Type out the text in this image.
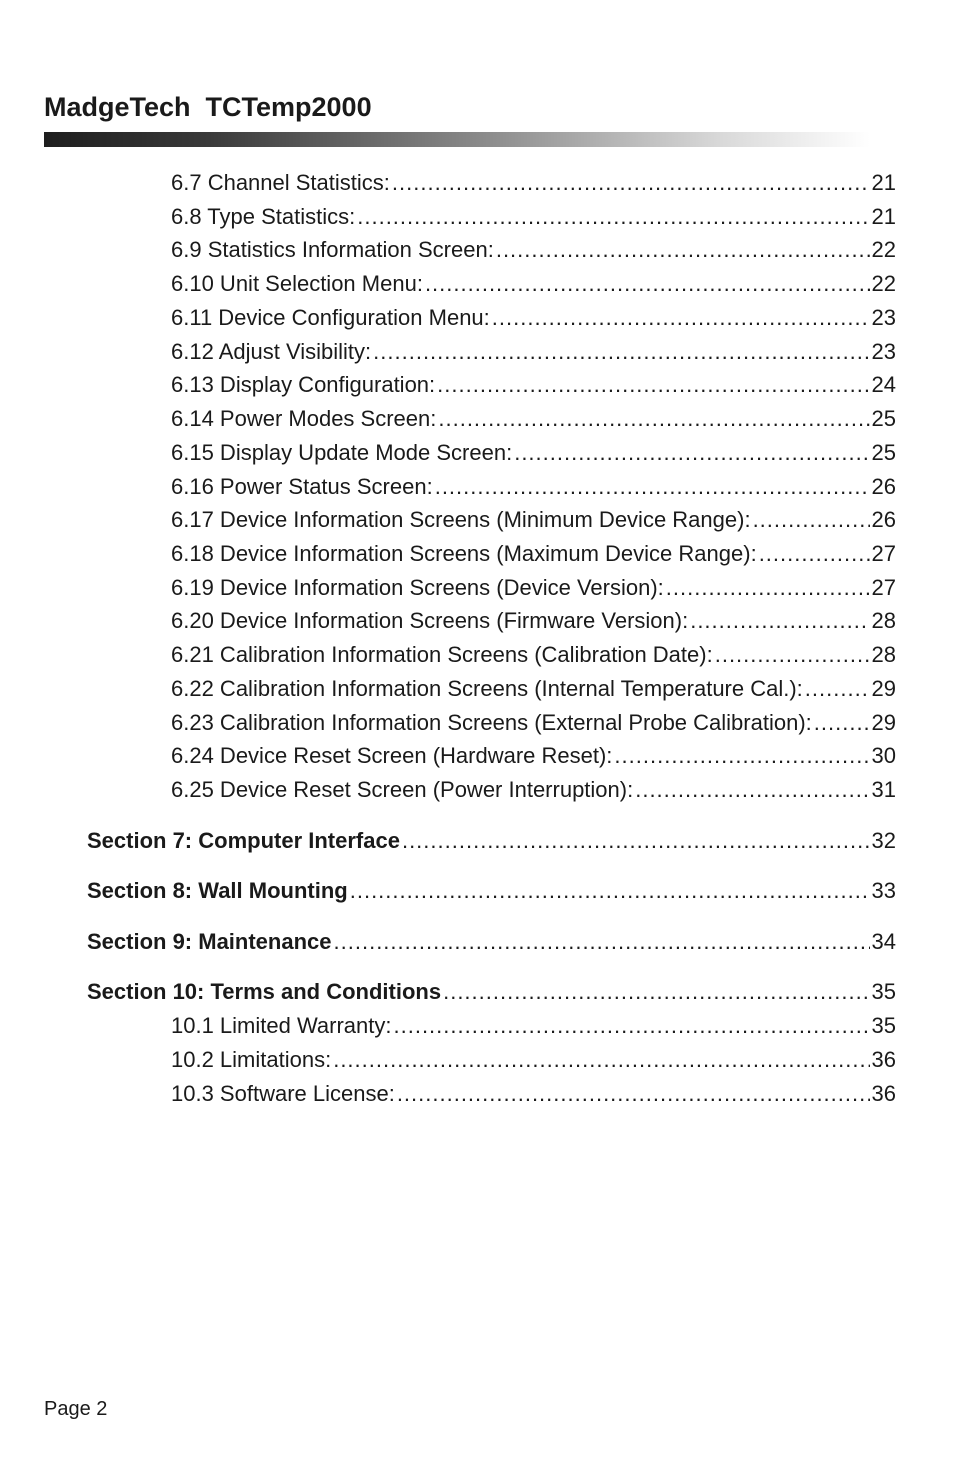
MadgeTech  TCTemp2000
6.7 Channel Statistics: .....	21
6.8 Type Statistics: .....	21
6.9 Statistics Information Screen: .....	22
6.10 Unit Selection Menu: .....	22
6.11 Device Configuration Menu: .....	23
6.12 Adjust Visibility: .....	23
6.13 Display Configuration: .....	24
6.14 Power Modes Screen: .....	25
6.15 Display Update Mode Screen: .....	25
6.16 Power Status Screen: .....	26
6.17 Device Information Screens (Minimum Device Range): .....	26
6.18 Device Information Screens (Maximum Device Range): .....	27
6.19 Device Information Screens (Device Version): .....	27
6.20 Device Information Screens (Firmware Version): .....	28
6.21 Calibration Information Screens (Calibration Date): .....	28
6.22 Calibration Information Screens (Internal Temperature Cal.): .....	29
6.23 Calibration Information Screens (External Probe Calibration): .....	29
6.24 Device Reset Screen (Hardware Reset): .....	30
6.25 Device Reset Screen (Power Interruption): .....	31
Section 7: Computer Interface .....	32
Section 8: Wall Mounting .....	33
Section 9: Maintenance .....	34
Section 10: Terms and Conditions .....	35
10.1 Limited Warranty: .....	35
10.2 Limitations: .....	36
10.3 Software License: .....	36
Page 2
